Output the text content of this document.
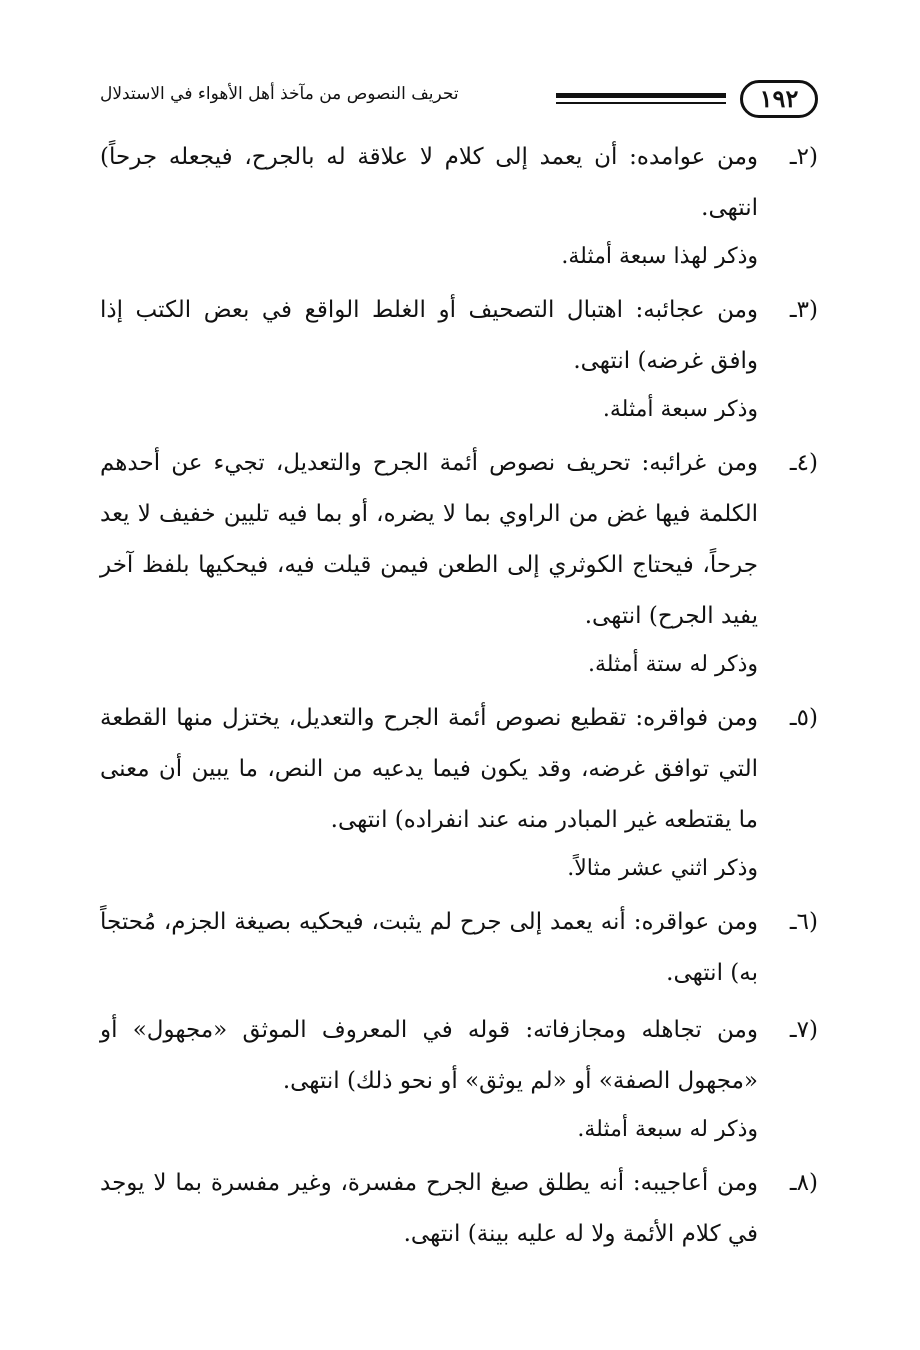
١٩٢
تحريف النصوص من مآخذ أهل الأهواء في الاستدلال
(٢ـ

ومن عوامده: أن يعمد إلى كلام لا علاقة له بالجرح، فيجعله جرحاً) انتهى.

وذكر لهذا سبعة أمثلة.

(٣ـ

ومن عجائبه: اهتبال التصحيف أو الغلط الواقع في بعض الكتب إذا وافق غرضه) انتهى.

وذكر سبعة أمثلة.

(٤ـ

ومن غرائبه: تحريف نصوص أئمة الجرح والتعديل، تجيء عن أحدهم الكلمة فيها غض من الراوي بما لا يضره، أو بما فيه تليين خفيف لا يعد جرحاً، فيحتاج الكوثري إلى الطعن فيمن قيلت فيه، فيحكيها بلفظ آخر يفيد الجرح) انتهى.

وذكر له ستة أمثلة.

(٥ـ

ومن فواقره: تقطيع نصوص أئمة الجرح والتعديل، يختزل منها القطعة التي توافق غرضه، وقد يكون فيما يدعيه من النص، ما يبين أن معنى ما يقتطعه غير المبادر منه عند انفراده) انتهى.

وذكر اثني عشر مثالاً.

(٦ـ

ومن عواقره: أنه يعمد إلى جرح لم يثبت، فيحكيه بصيغة الجزم، مُحتجاً به) انتهى.

(٧ـ

ومن تجاهله ومجازفاته: قوله في المعروف الموثق «مجهول» أو «مجهول الصفة» أو «لم يوثق» أو نحو ذلك) انتهى.

وذكر له سبعة أمثلة.

(٨ـ

ومن أعاجيبه: أنه يطلق صيغ الجرح مفسرة، وغير مفسرة بما لا يوجد في كلام الأئمة ولا له عليه بينة) انتهى.
